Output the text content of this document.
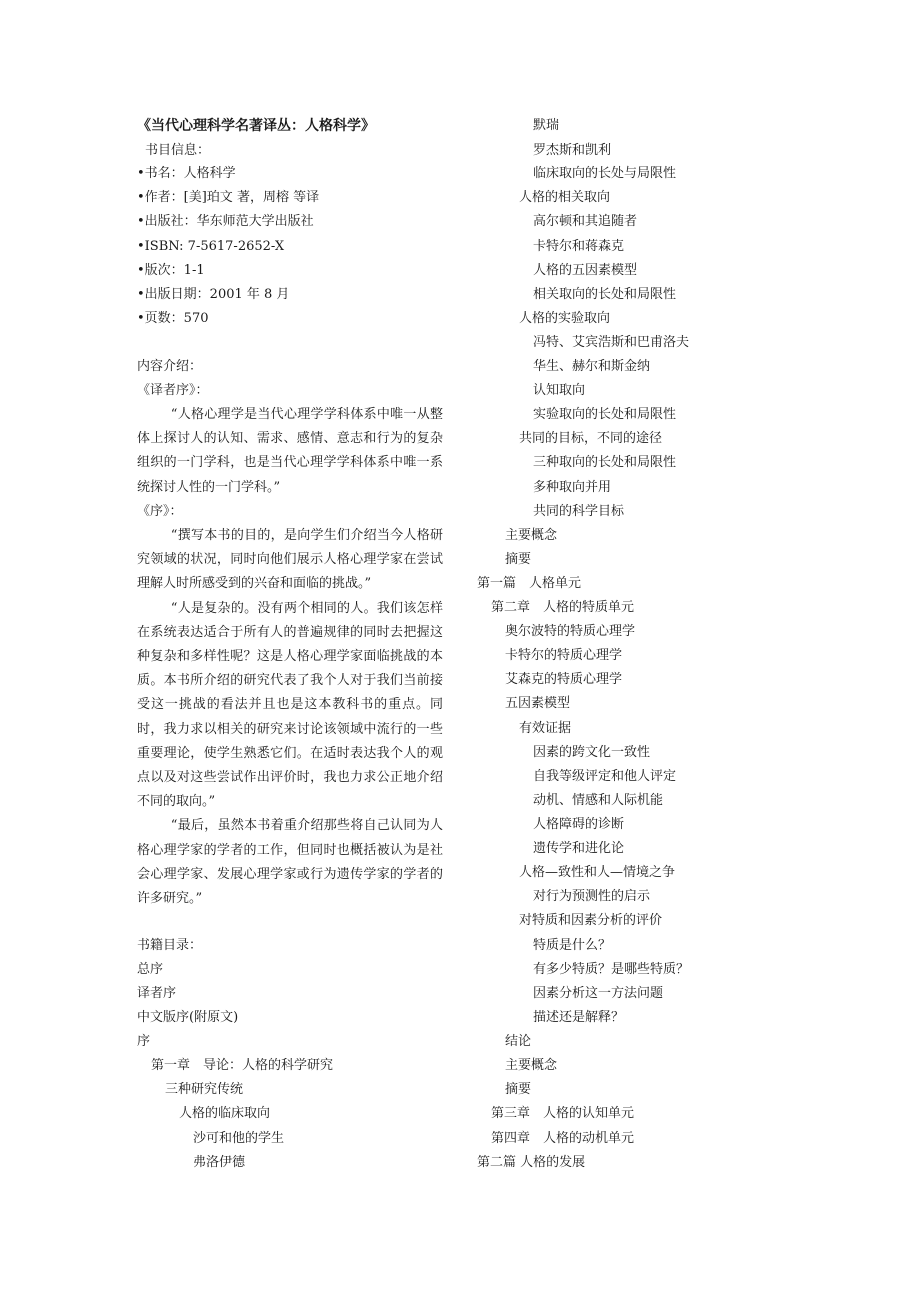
《当代心理科学名著译丛：人格科学》
书目信息：
•书名：人格科学
•作者：[美]珀文 著，周榕 等译
•出版社：华东师范大学出版社
•ISBN: 7-5617-2652-X
•版次：1-1
•出版日期：2001 年 8 月
•页数：570
内容介绍：
《译者序》：
“人格心理学是当代心理学学科体系中唯一从整体上探讨人的认知、需求、感情、意志和行为的复杂组织的一门学科，也是当代心理学学科体系中唯一系统探讨人性的一门学科。”
《序》：
“撰写本书的目的，是向学生们介绍当今人格研究领域的状况，同时向他们展示人格心理学家在尝试理解人时所感受到的兴奋和面临的挑战。”
“人是复杂的。没有两个相同的人。我们该怎样在系统表达适合于所有人的普遍规律的同时去把握这种复杂和多样性呢？这是人格心理学家面临挑战的本质。本书所介绍的研究代表了我个人对于我们当前接受这一挑战的看法并且也是这本教科书的重点。同时，我力求以相关的研究来讨论该领域中流行的一些重要理论，使学生熟悉它们。在适时表达我个人的观点以及对这些尝试作出评价时，我也力求公正地介绍不同的取向。”
“最后，虽然本书着重介绍那些将自己认同为人格心理学家的学者的工作，但同时也概括被认为是社会心理学家、发展心理学家或行为遗传学家的学者的许多研究。”
书籍目录：
总序
译者序
中文版序(附原文)
序
第一章　导论：人格的科学研究
三种研究传统
人格的临床取向
沙可和他的学生
弗洛伊德
默瑞
罗杰斯和凯利
临床取向的长处与局限性
人格的相关取向
高尔顿和其追随者
卡特尔和蒋森克
人格的五因素模型
相关取向的长处和局限性
人格的实验取向
冯特、艾宾浩斯和巴甫洛夫
华生、赫尔和斯金纳
认知取向
实验取向的长处和局限性
共同的目标，不同的途径
三种取向的长处和局限性
多种取向并用
共同的科学目标
主要概念
摘要
第一篇　人格单元
第二章　人格的特质单元
奥尔波特的特质心理学
卡特尔的特质心理学
艾森克的特质心理学
五因素模型
有效证据
因素的跨文化一致性
自我等级评定和他人评定
动机、情感和人际机能
人格障碍的诊断
遗传学和进化论
人格—致性和人—情境之争
对行为预测性的启示
对特质和因素分析的评价
特质是什么？
有多少特质？是哪些特质？
因素分析这一方法问题
描述还是解释？
结论
主要概念
摘要
第三章　人格的认知单元
第四章　人格的动机单元
第二篇 人格的发展
